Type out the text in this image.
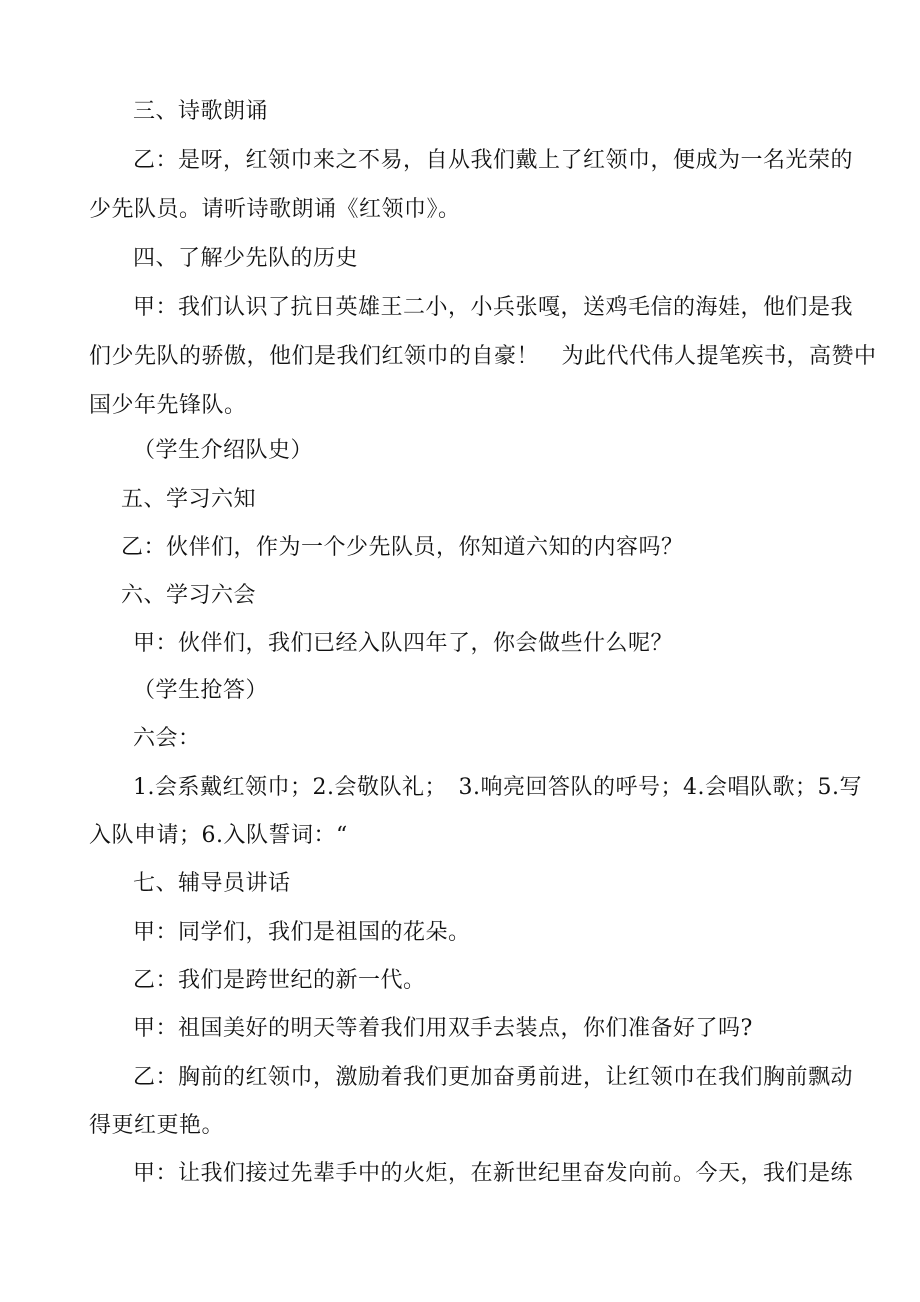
三、诗歌朗诵
乙：是呀，红领巾来之不易，自从我们戴上了红领巾，便成为一名光荣的
少先队员。请听诗歌朗诵《红领巾》。
四、了解少先队的历史
甲：我们认识了抗日英雄王二小，小兵张嘎，送鸡毛信的海娃，他们是我
们少先队的骄傲，他们是我们红领巾的自豪！　为此代代伟人提笔疾书，高赞中
国少年先锋队。
（学生介绍队史）
五、学习六知
乙：伙伴们，作为一个少先队员，你知道六知的内容吗？
六、学习六会
甲：伙伴们，我们已经入队四年了，你会做些什么呢？
（学生抢答）
六会：
1.会系戴红领巾；2.会敬队礼；　3.响亮回答队的呼号；4.会唱队歌；5.写
入队申请；6.入队誓词：“
七、辅导员讲话
甲：同学们，我们是祖国的花朵。
乙：我们是跨世纪的新一代。
甲：祖国美好的明天等着我们用双手去装点，你们准备好了吗?
乙：胸前的红领巾，激励着我们更加奋勇前进，让红领巾在我们胸前飘动
得更红更艳。
甲：让我们接过先辈手中的火炬，在新世纪里奋发向前。今天，我们是练
